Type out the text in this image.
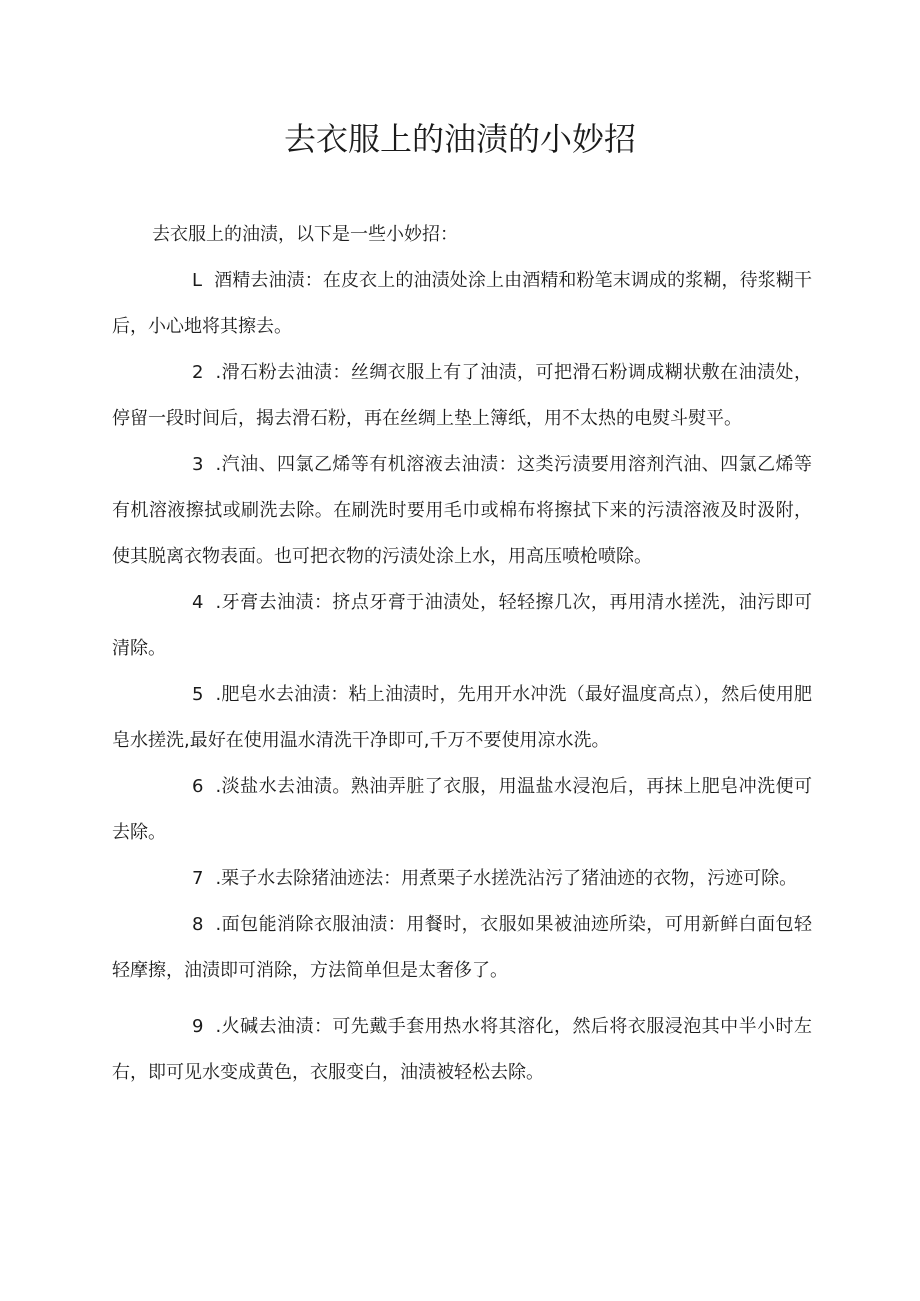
去衣服上的油渍的小妙招

去衣服上的油渍，以下是一些小妙招：

L 酒精去油渍：在皮衣上的油渍处涂上由酒精和粉笔末调成的浆糊，待浆糊干后，小心地将其擦去。

2 .滑石粉去油渍：丝绸衣服上有了油渍，可把滑石粉调成糊状敷在油渍处，停留一段时间后，揭去滑石粉，再在丝绸上垫上簿纸，用不太热的电熨斗熨平。

3 .汽油、四氯乙烯等有机溶液去油渍：这类污渍要用溶剂汽油、四氯乙烯等有机溶液擦拭或刷洗去除。在刷洗时要用毛巾或棉布将擦拭下来的污渍溶液及时汲附，使其脱离衣物表面。也可把衣物的污渍处涂上水，用高压喷枪喷除。

4 .牙膏去油渍：挤点牙膏于油渍处，轻轻擦几次，再用清水搓洗，油污即可清除。

5 .肥皂水去油渍：粘上油渍时，先用开水冲洗（最好温度高点），然后使用肥皂水搓洗,最好在使用温水清洗干净即可,千万不要使用凉水洗。

6 .淡盐水去油渍。熟油弄脏了衣服，用温盐水浸泡后，再抹上肥皂冲洗便可去除。

7 .栗子水去除猪油迹法：用煮栗子水搓洗沾污了猪油迹的衣物，污迹可除。

8 .面包能消除衣服油渍：用餐时，衣服如果被油迹所染，可用新鲜白面包轻轻摩擦，油渍即可消除，方法简单但是太奢侈了。

9 .火碱去油渍：可先戴手套用热水将其溶化，然后将衣服浸泡其中半小时左右，即可见水变成黄色，衣服变白，油渍被轻松去除。
